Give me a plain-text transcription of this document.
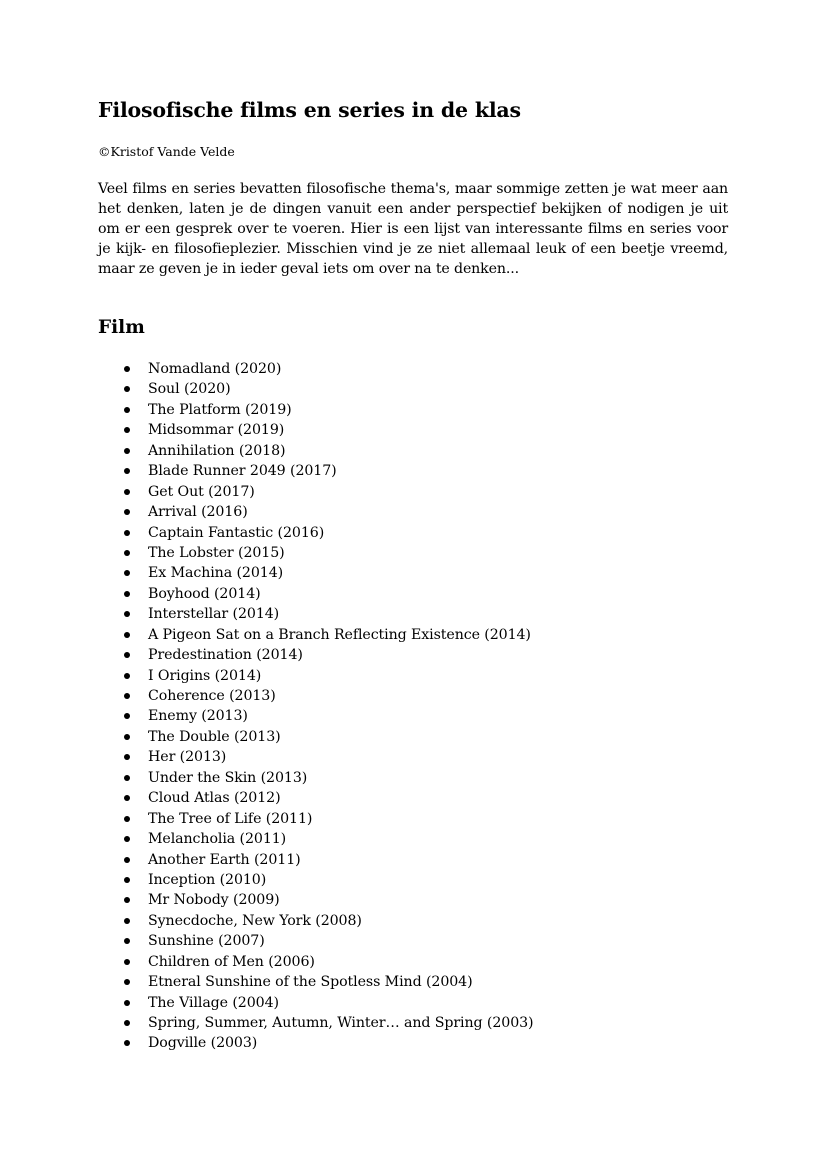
Filosofische films en series in de klas
©Kristof Vande Velde

Veel films en series bevatten filosofische thema's, maar sommige zetten je wat meer aan het denken, laten je de dingen vanuit een ander perspectief bekijken of nodigen je uit om er een gesprek over te voeren. Hier is een lijst van interessante films en series voor je kijk- en filosofieplezier. Misschien vind je ze niet allemaal leuk of een beetje vreemd, maar ze geven je in ieder geval iets om over na te denken...

Film
Nomadland (2020)
Soul (2020)
The Platform (2019)
Midsommar (2019)
Annihilation (2018)
Blade Runner 2049 (2017)
Get Out (2017)
Arrival (2016)
Captain Fantastic (2016)
The Lobster (2015)
Ex Machina (2014)
Boyhood (2014)
Interstellar (2014)
A Pigeon Sat on a Branch Reflecting Existence (2014)
Predestination (2014)
I Origins (2014)
Coherence (2013)
Enemy (2013)
The Double (2013)
Her (2013)
Under the Skin (2013)
Cloud Atlas (2012)
The Tree of Life (2011)
Melancholia (2011)
Another Earth (2011)
Inception (2010)
Mr Nobody (2009)
Synecdoche, New York (2008)
Sunshine (2007)
Children of Men (2006)
Etneral Sunshine of the Spotless Mind (2004)
The Village (2004)
Spring, Summer, Autumn, Winter… and Spring (2003)
Dogville (2003)
